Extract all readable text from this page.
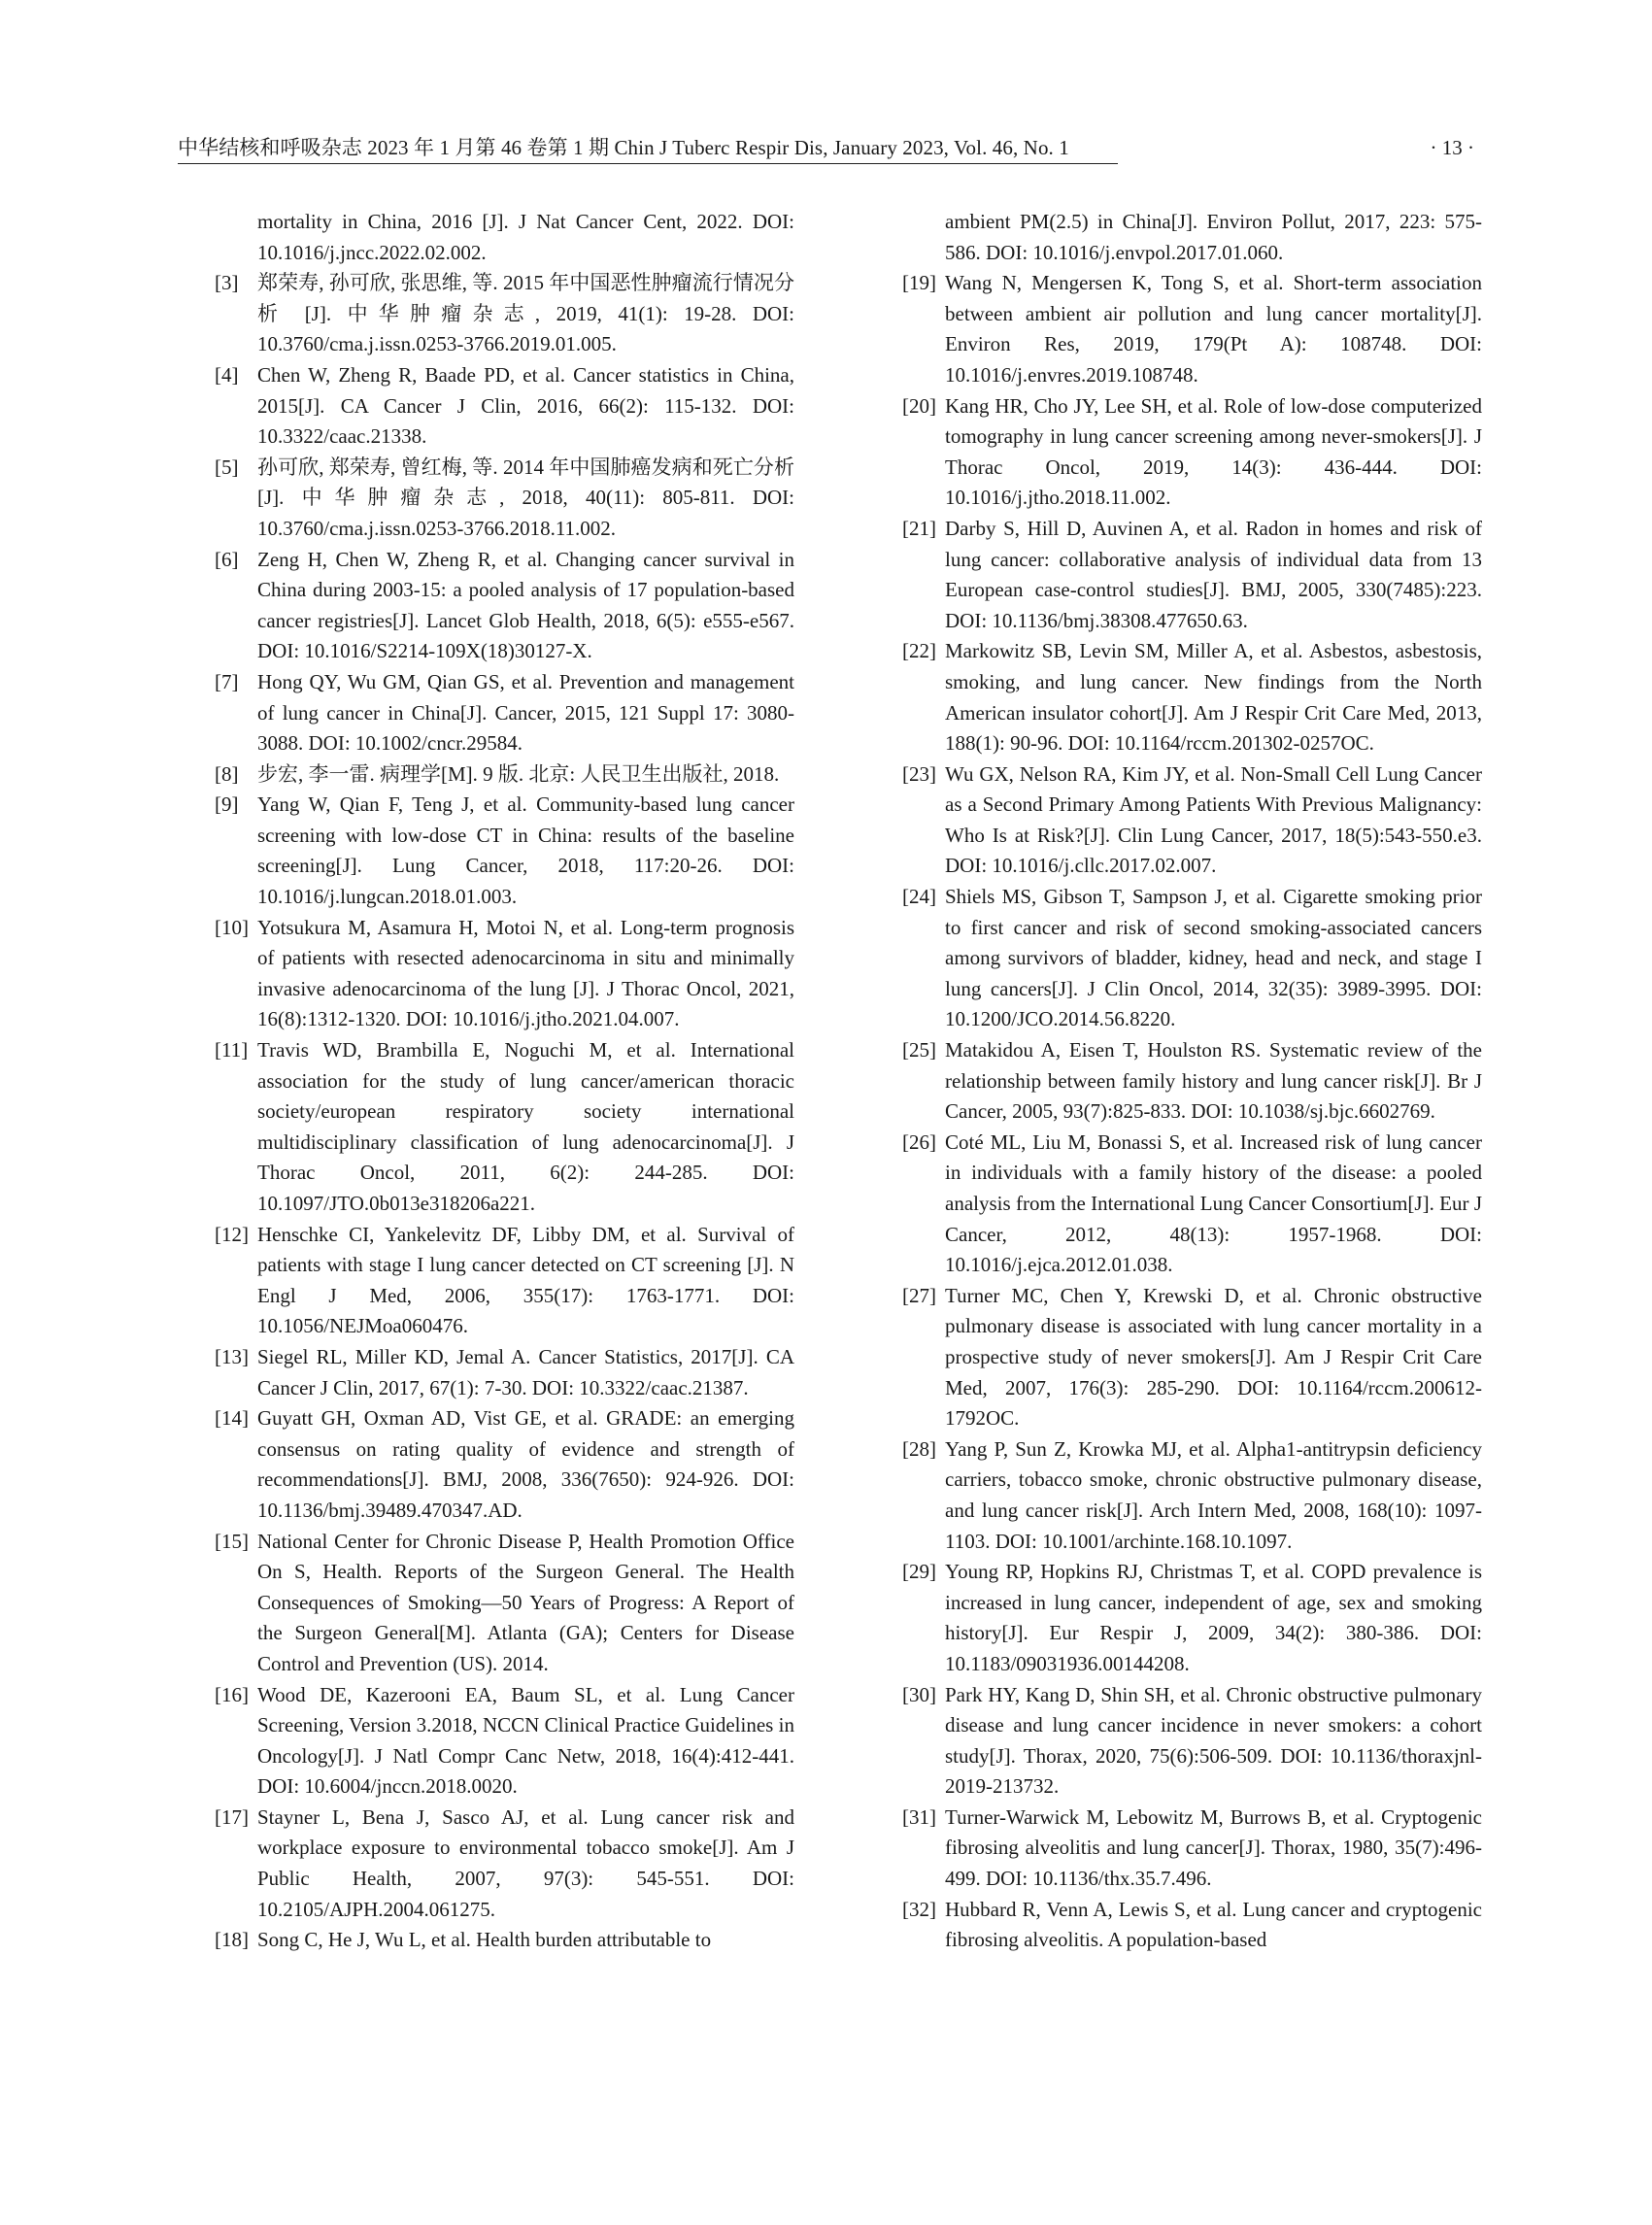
中华结核和呼吸杂志 2023 年 1 月第 46 卷第 1 期 Chin J Tuberc Respir Dis, January 2023, Vol. 46, No. 1	· 13 ·
mortality in China, 2016 [J]. J Nat Cancer Cent, 2022. DOI: 10.1016/j.jncc.2022.02.002.
[3] 郑荣寿, 孙可欣, 张思维, 等. 2015 年中国恶性肿瘤流行情况分析 [J]. 中华肿瘤杂志, 2019, 41(1): 19-28. DOI: 10.3760/cma.j.issn.0253-3766.2019.01.005.
[4] Chen W, Zheng R, Baade PD, et al. Cancer statistics in China, 2015[J]. CA Cancer J Clin, 2016, 66(2): 115-132. DOI: 10.3322/caac.21338.
[5] 孙可欣, 郑荣寿, 曾红梅, 等. 2014 年中国肺癌发病和死亡分析 [J]. 中华肿瘤杂志, 2018, 40(11): 805-811. DOI: 10.3760/cma.j.issn.0253-3766.2018.11.002.
[6] Zeng H, Chen W, Zheng R, et al. Changing cancer survival in China during 2003-15: a pooled analysis of 17 population-based cancer registries[J]. Lancet Glob Health, 2018, 6(5): e555-e567. DOI: 10.1016/S2214-109X(18)30127-X.
[7] Hong QY, Wu GM, Qian GS, et al. Prevention and management of lung cancer in China[J]. Cancer, 2015, 121 Suppl 17: 3080-3088. DOI: 10.1002/cncr.29584.
[8] 步宏, 李一雷. 病理学[M]. 9 版. 北京: 人民卫生出版社, 2018.
[9] Yang W, Qian F, Teng J, et al. Community-based lung cancer screening with low-dose CT in China: results of the baseline screening[J]. Lung Cancer, 2018, 117:20-26. DOI: 10.1016/j.lungcan.2018.01.003.
[10] Yotsukura M, Asamura H, Motoi N, et al. Long-term prognosis of patients with resected adenocarcinoma in situ and minimally invasive adenocarcinoma of the lung [J]. J Thorac Oncol, 2021, 16(8):1312-1320. DOI: 10.1016/j.jtho.2021.04.007.
[11] Travis WD, Brambilla E, Noguchi M, et al. International association for the study of lung cancer/american thoracic society/european respiratory society international multidisciplinary classification of lung adenocarcinoma[J]. J Thorac Oncol, 2011, 6(2): 244-285. DOI: 10.1097/JTO.0b013e318206a221.
[12] Henschke CI, Yankelevitz DF, Libby DM, et al. Survival of patients with stage I lung cancer detected on CT screening [J]. N Engl J Med, 2006, 355(17): 1763-1771. DOI: 10.1056/NEJMoa060476.
[13] Siegel RL, Miller KD, Jemal A. Cancer Statistics, 2017[J]. CA Cancer J Clin, 2017, 67(1): 7-30. DOI: 10.3322/caac.21387.
[14] Guyatt GH, Oxman AD, Vist GE, et al. GRADE: an emerging consensus on rating quality of evidence and strength of recommendations[J]. BMJ, 2008, 336(7650): 924-926. DOI: 10.1136/bmj.39489.470347.AD.
[15] National Center for Chronic Disease P, Health Promotion Office On S, Health. Reports of the Surgeon General. The Health Consequences of Smoking—50 Years of Progress: A Report of the Surgeon General[M]. Atlanta (GA); Centers for Disease Control and Prevention (US). 2014.
[16] Wood DE, Kazerooni EA, Baum SL, et al. Lung Cancer Screening, Version 3.2018, NCCN Clinical Practice Guidelines in Oncology[J]. J Natl Compr Canc Netw, 2018, 16(4):412-441. DOI: 10.6004/jnccn.2018.0020.
[17] Stayner L, Bena J, Sasco AJ, et al. Lung cancer risk and workplace exposure to environmental tobacco smoke[J]. Am J Public Health, 2007, 97(3): 545-551. DOI: 10.2105/AJPH.2004.061275.
[18] Song C, He J, Wu L, et al. Health burden attributable to
ambient PM(2.5) in China[J]. Environ Pollut, 2017, 223: 575-586. DOI: 10.1016/j.envpol.2017.01.060.
[19] Wang N, Mengersen K, Tong S, et al. Short-term association between ambient air pollution and lung cancer mortality[J]. Environ Res, 2019, 179(Pt A): 108748. DOI: 10.1016/j.envres.2019.108748.
[20] Kang HR, Cho JY, Lee SH, et al. Role of low-dose computerized tomography in lung cancer screening among never-smokers[J]. J Thorac Oncol, 2019, 14(3): 436-444. DOI: 10.1016/j.jtho.2018.11.002.
[21] Darby S, Hill D, Auvinen A, et al. Radon in homes and risk of lung cancer: collaborative analysis of individual data from 13 European case-control studies[J]. BMJ, 2005, 330(7485):223. DOI: 10.1136/bmj.38308.477650.63.
[22] Markowitz SB, Levin SM, Miller A, et al. Asbestos, asbestosis, smoking, and lung cancer. New findings from the North American insulator cohort[J]. Am J Respir Crit Care Med, 2013, 188(1): 90-96. DOI: 10.1164/rccm.201302-0257OC.
[23] Wu GX, Nelson RA, Kim JY, et al. Non-Small Cell Lung Cancer as a Second Primary Among Patients With Previous Malignancy: Who Is at Risk?[J]. Clin Lung Cancer, 2017, 18(5):543-550.e3. DOI: 10.1016/j.cllc.2017.02.007.
[24] Shiels MS, Gibson T, Sampson J, et al. Cigarette smoking prior to first cancer and risk of second smoking-associated cancers among survivors of bladder, kidney, head and neck, and stage I lung cancers[J]. J Clin Oncol, 2014, 32(35): 3989-3995. DOI: 10.1200/JCO.2014.56.8220.
[25] Matakidou A, Eisen T, Houlston RS. Systematic review of the relationship between family history and lung cancer risk[J]. Br J Cancer, 2005, 93(7):825-833. DOI: 10.1038/sj.bjc.6602769.
[26] Coté ML, Liu M, Bonassi S, et al. Increased risk of lung cancer in individuals with a family history of the disease: a pooled analysis from the International Lung Cancer Consortium[J]. Eur J Cancer, 2012, 48(13): 1957-1968. DOI: 10.1016/j.ejca.2012.01.038.
[27] Turner MC, Chen Y, Krewski D, et al. Chronic obstructive pulmonary disease is associated with lung cancer mortality in a prospective study of never smokers[J]. Am J Respir Crit Care Med, 2007, 176(3): 285-290. DOI: 10.1164/rccm.200612-1792OC.
[28] Yang P, Sun Z, Krowka MJ, et al. Alpha1-antitrypsin deficiency carriers, tobacco smoke, chronic obstructive pulmonary disease, and lung cancer risk[J]. Arch Intern Med, 2008, 168(10): 1097-1103. DOI: 10.1001/archinte.168.10.1097.
[29] Young RP, Hopkins RJ, Christmas T, et al. COPD prevalence is increased in lung cancer, independent of age, sex and smoking history[J]. Eur Respir J, 2009, 34(2): 380-386. DOI: 10.1183/09031936.00144208.
[30] Park HY, Kang D, Shin SH, et al. Chronic obstructive pulmonary disease and lung cancer incidence in never smokers: a cohort study[J]. Thorax, 2020, 75(6):506-509. DOI: 10.1136/thoraxjnl-2019-213732.
[31] Turner-Warwick M, Lebowitz M, Burrows B, et al. Cryptogenic fibrosing alveolitis and lung cancer[J]. Thorax, 1980, 35(7):496-499. DOI: 10.1136/thx.35.7.496.
[32] Hubbard R, Venn A, Lewis S, et al. Lung cancer and cryptogenic fibrosing alveolitis. A population-based
